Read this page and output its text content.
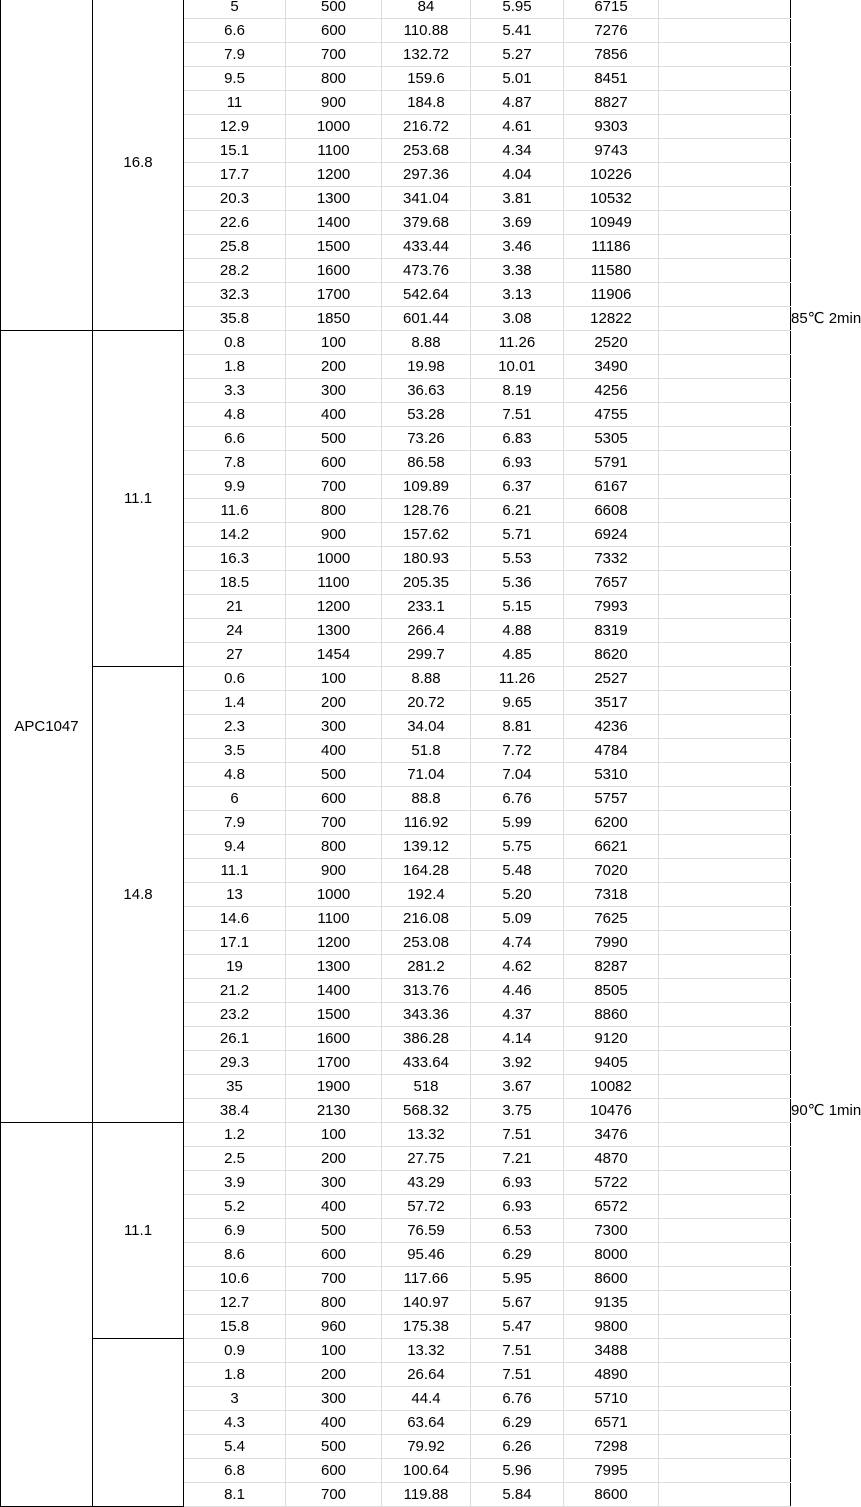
	16.8	5	500	84	5.95	6715		
		6.6	600	110.88	5.41	7276		
		7.9	700	132.72	5.27	7856		
		9.5	800	159.6	5.01	8451		
		11	900	184.8	4.87	8827		
		12.9	1000	216.72	4.61	9303		
		15.1	1100	253.68	4.34	9743		
		17.7	1200	297.36	4.04	10226		
		20.3	1300	341.04	3.81	10532		
		22.6	1400	379.68	3.69	10949		
		25.8	1500	433.44	3.46	11186		
		28.2	1600	473.76	3.38	11580		
		32.3	1700	542.64	3.13	11906		
		35.8	1850	601.44	3.08	12822		85℃ 2min
APC1047	11.1	0.8	100	8.88	11.26	2520		
		1.8	200	19.98	10.01	3490		
		3.3	300	36.63	8.19	4256		
		4.8	400	53.28	7.51	4755		
		6.6	500	73.26	6.83	5305		
		7.8	600	86.58	6.93	5791		
		9.9	700	109.89	6.37	6167		
		11.6	800	128.76	6.21	6608		
		14.2	900	157.62	5.71	6924		
		16.3	1000	180.93	5.53	7332		
		18.5	1100	205.35	5.36	7657		
		21	1200	233.1	5.15	7993		
		24	1300	266.4	4.88	8319		
		27	1454	299.7	4.85	8620		
	14.8	0.6	100	8.88	11.26	2527		
		1.4	200	20.72	9.65	3517		
		2.3	300	34.04	8.81	4236		
		3.5	400	51.8	7.72	4784		
		4.8	500	71.04	7.04	5310		
		6	600	88.8	6.76	5757		
		7.9	700	116.92	5.99	6200		
		9.4	800	139.12	5.75	6621		
		11.1	900	164.28	5.48	7020		
		13	1000	192.4	5.20	7318		
		14.6	1100	216.08	5.09	7625		
		17.1	1200	253.08	4.74	7990		
		19	1300	281.2	4.62	8287		
		21.2	1400	313.76	4.46	8505		
		23.2	1500	343.36	4.37	8860		
		26.1	1600	386.28	4.14	9120		
		29.3	1700	433.64	3.92	9405		
		35	1900	518	3.67	10082		
		38.4	2130	568.32	3.75	10476		90℃ 1min
	11.1	1.2	100	13.32	7.51	3476		
		2.5	200	27.75	7.21	4870		
		3.9	300	43.29	6.93	5722		
		5.2	400	57.72	6.93	6572		
		6.9	500	76.59	6.53	7300		
		8.6	600	95.46	6.29	8000		
		10.6	700	117.66	5.95	8600		
		12.7	800	140.97	5.67	9135		
		15.8	960	175.38	5.47	9800		
		0.9	100	13.32	7.51	3488		
		1.8	200	26.64	7.51	4890		
		3	300	44.4	6.76	5710		
		4.3	400	63.64	6.29	6571		
		5.4	500	79.92	6.26	7298		
		6.8	600	100.64	5.96	7995		
		8.1	700	119.88	5.84	8600		
